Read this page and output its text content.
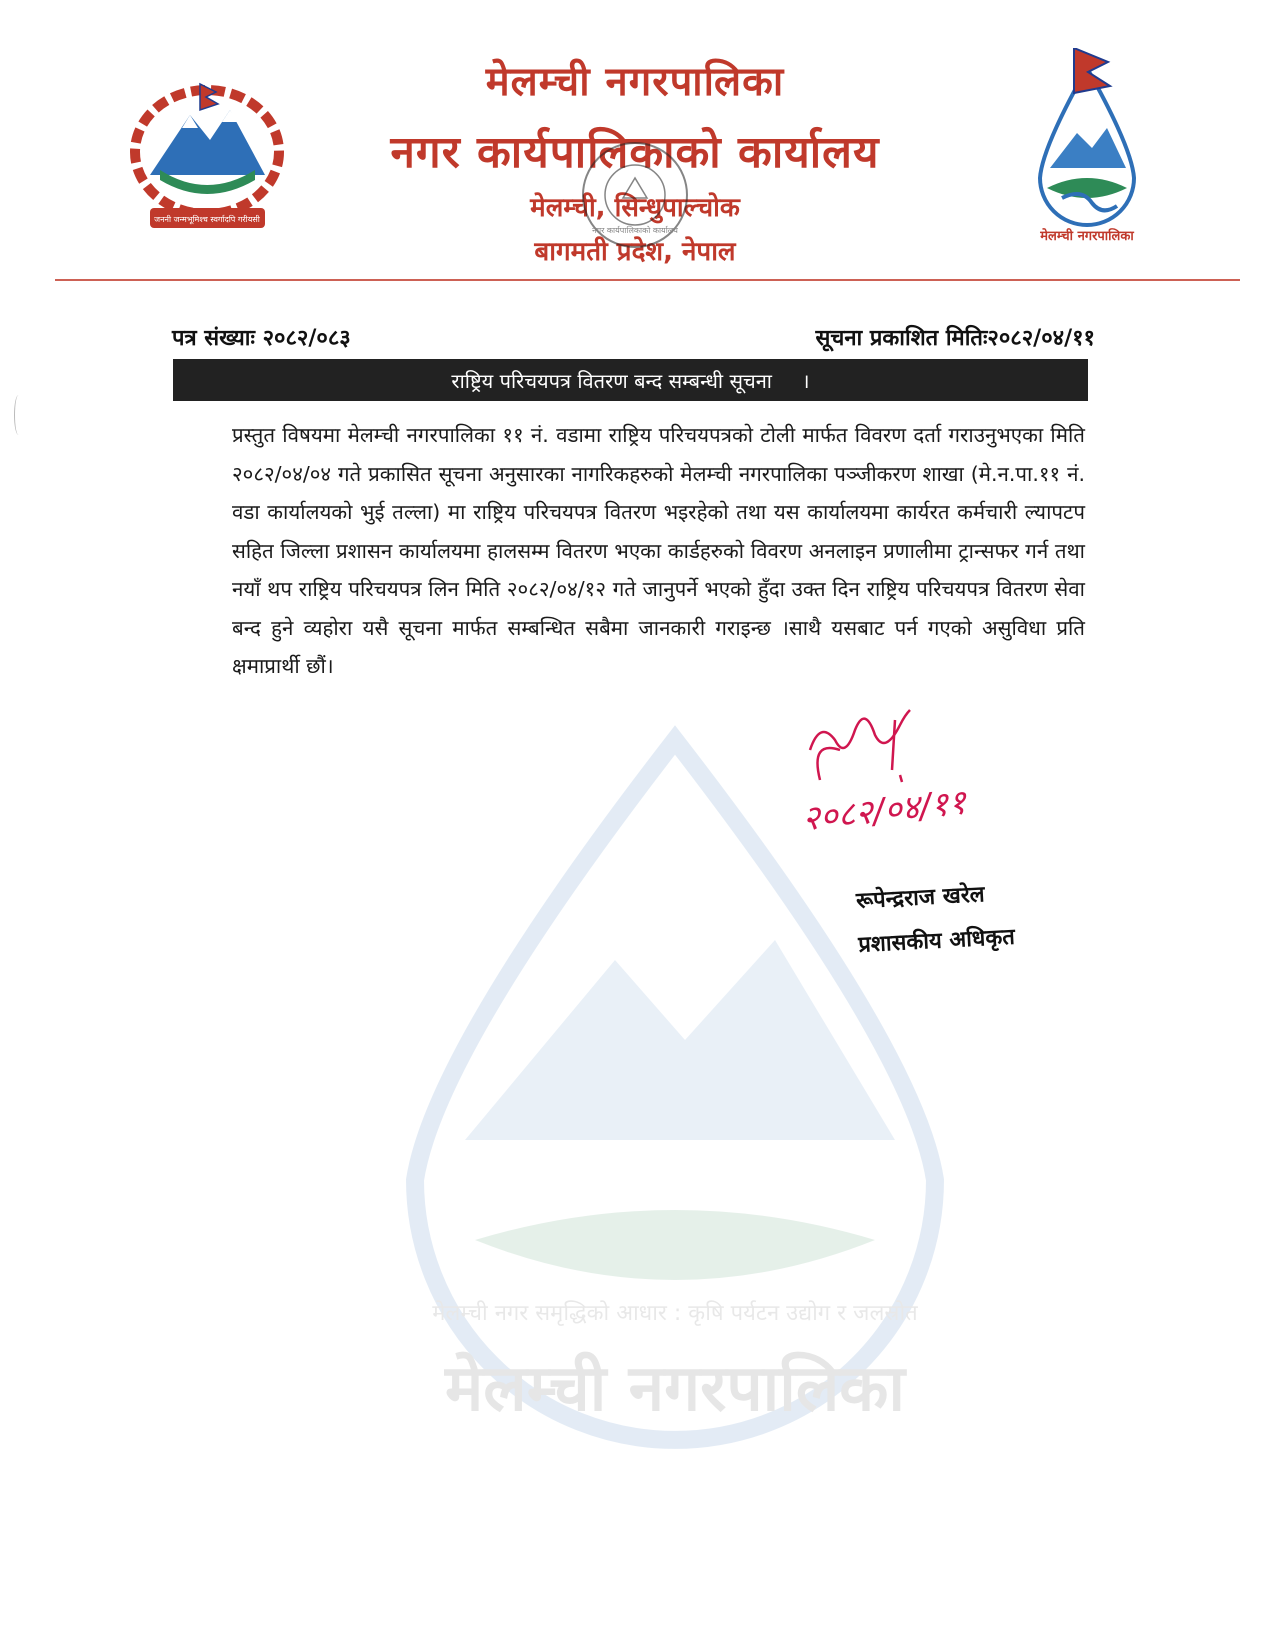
जननी जन्मभूमिश्च स्वर्गादपि गरीयसी
मेलम्ची नगरपालिका
नगर कार्यपालिकाको कार्यालय
मेलम्ची, सिन्धुपाल्चोक
बागमती प्रदेश, नेपाल
नगर कार्यपालिकाको कार्यालय	मेलम्ची नगरपालिका
पत्र संख्याः २०८२/०८३	सूचना प्रकाशित मितिः२०८२/०४/११
राष्ट्रिय परिचयपत्र वितरण बन्द सम्बन्धी सूचना ।
मेलम्ची नगर समृद्धिको आधार : कृषि पर्यटन उद्योग र जलस्रोत
मेलम्ची नगरपालिका
प्रस्तुत विषयमा मेलम्ची नगरपालिका ११ नं. वडामा राष्ट्रिय परिचयपत्रको टोली मार्फत विवरण दर्ता गराउनुभएका मिति २०८२/०४/०४ गते प्रकासित सूचना अनुसारका नागरिकहरुको मेलम्ची नगरपालिका पञ्जीकरण शाखा (मे.न.पा.११ नं. वडा कार्यालयको भुई तल्ला) मा राष्ट्रिय परिचयपत्र वितरण भइरहेको तथा यस कार्यालयमा कार्यरत कर्मचारी ल्यापटप सहित जिल्ला प्रशासन कार्यालयमा हालसम्म वितरण भएका कार्डहरुको विवरण अनलाइन प्रणालीमा ट्रान्सफर गर्न तथा नयाँ थप राष्ट्रिय परिचयपत्र लिन मिति २०८२/०४/१२ गते जानुपर्ने भएको हुँदा उक्त दिन राष्ट्रिय परिचयपत्र वितरण सेवा बन्द हुने व्यहोरा यसै सूचना मार्फत सम्बन्धित सबैमा जानकारी गराइन्छ ।साथै यसबाट पर्न गएको असुविधा प्रति क्षमाप्रार्थी छौं।
२०८२/०४/११
रूपेन्द्रराज खरेल
प्रशासकीय अधिकृत
